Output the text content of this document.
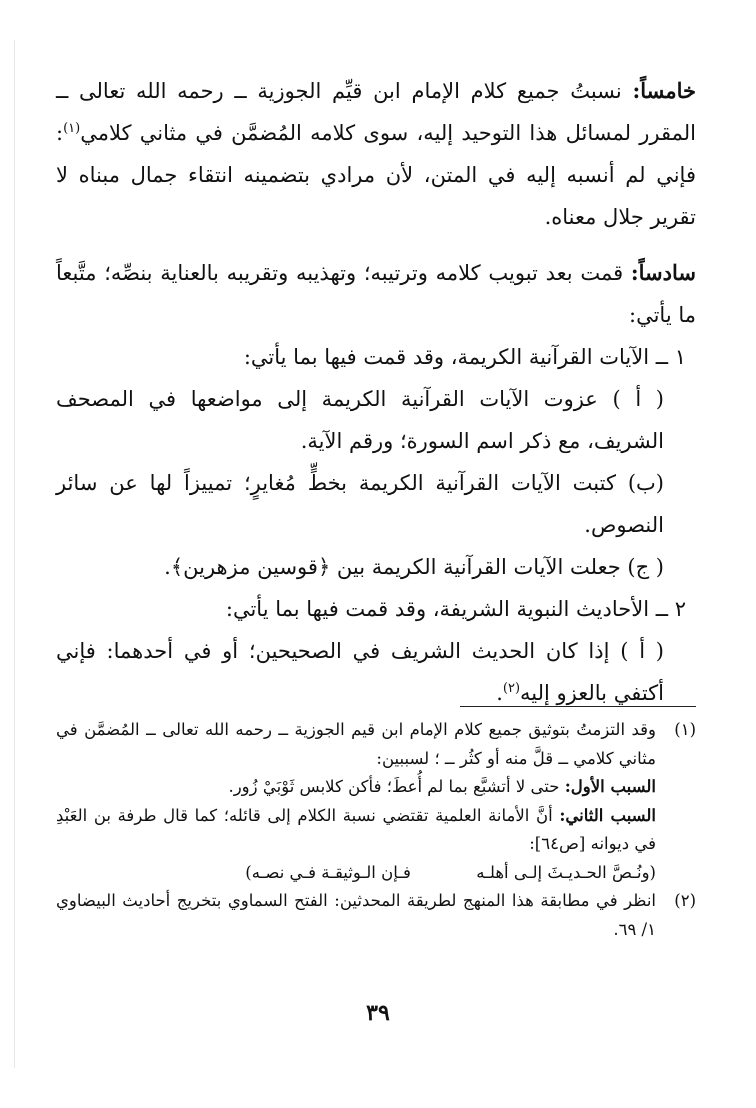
خامساً: نسبتُ جميع كلام الإمام ابن قيِّم الجوزية ــ رحمه الله تعالى ــ المقرر لمسائل هذا التوحيد إليه، سوى كلامه المُضمَّن في مثاني كلامي$^{(١)}$: فإني لم أنسبه إليه في المتن، لأن مرادي بتضمينه انتقاء جمال مبناه لا تقرير جلال معناه.

سادساً: قمت بعد تبويب كلامه وترتيبه؛ وتهذيبه وتقريبه بالعناية بنصِّه؛ متَّبعاً ما يأتي:

١ ــ الآيات القرآنية الكريمة، وقد قمت فيها بما يأتي:

( أ ) عزوت الآيات القرآنية الكريمة إلى مواضعها في المصحف الشريف، مع ذكر اسم السورة؛ ورقم الآية.

(ب) كتبت الآيات القرآنية الكريمة بخطٍّ مُغايرٍ؛ تمييزاً لها عن سائر النصوص.

( ج) جعلت الآيات القرآنية الكريمة بين ﴿قوسين مزهرين﴾.

٢ ــ الأحاديث النبوية الشريفة، وقد قمت فيها بما يأتي:

( أ ) إذا كان الحديث الشريف في الصحيحين؛ أو في أحدهما: فإني أكتفي بالعزو إليه$^{(٢)}$.

(١)

وقد التزمتُ بتوثيق جميع كلام الإمام ابن قيم الجوزية ــ رحمه الله تعالى ــ المُضمَّن في مثاني كلامي ــ قلَّ منه أو كثُر ــ ؛ لسببين:

السبب الأول: حتى لا أتشبَّع بما لم أُعطَ؛ فأكن كلابس ثَوْبَيْ زُور.

السبب الثاني: أنَّ الأمانة العلمية تقتضي نسبة الكلام إلى قائله؛ كما قال طرفة بن العَبْدِ في ديوانه [ص٦٤]:

(ونُـصَّ الحـديـثَ إلـى أهلـه فـإن الـوثيقـة فـي نصـه)

(٢)

انظر في مطابقة هذا المنهج لطريقة المحدثين: الفتح السماوي بتخريج أحاديث البيضاوي ١/ ٦٩.

٣٩
